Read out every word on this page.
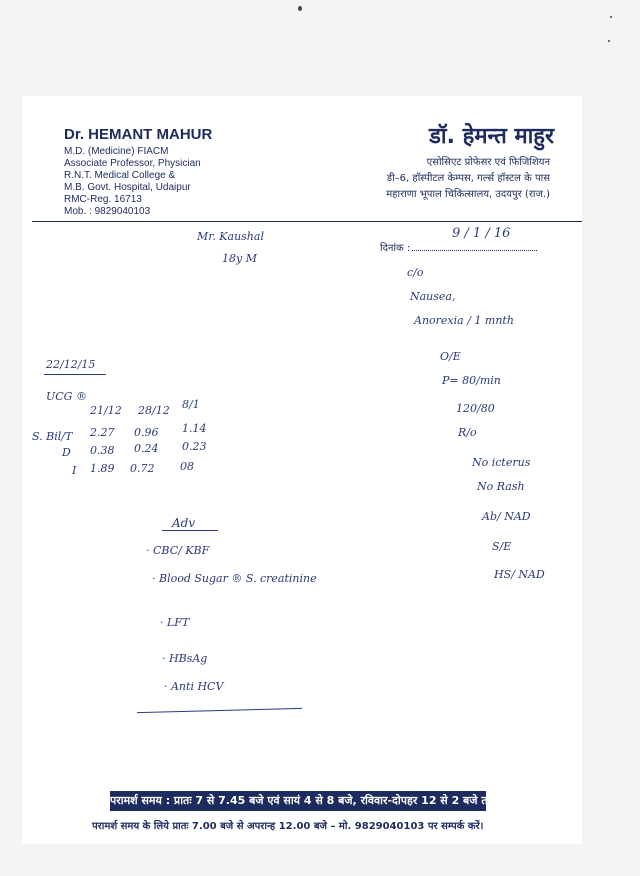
Dr. HEMANT MAHUR
M.D. (Medicine) FIACM
Associate Professor, Physician
R.N.T. Medical College &
M.B. Govt. Hospital, Udaipur
RMC-Reg. 16713
Mob. : 9829040103
डॉ. हेमन्त माहुर
एसोसिएट प्रोफेसर एवं फिजिशियन
डी–6, हॉस्पीटल केम्पस, गर्ल्स हॉस्टल के पास
महाराणा भूपाल चिकित्सालय, उदयपुर (राज.)
दिनांक :
9 / 1 / 16
Mr. Kaushal
18y M
c/o
Nausea,
Anorexia / 1 mnth
O/E
P= 80/min
120/80
R/o
No icterus
No Rash
Ab/ NAD
S/E
HS/ NAD
22/12/15
UCG ®
21/12 28/12 8/1
S. Bil/T 2.27 0.96 1.14
D 0.38 0.24 0.23
I 1.89 0.72 08
Adv
· CBC/ KBF
· Blood Sugar ® S. creatinine
· LFT
· HBsAg
· Anti HCV
परामर्श समय : प्रातः 7 से 7.45 बजे एवं सायं 4 से 8 बजे, रविवार-दोपहर 12 से 2 बजे तक
परामर्श समय के लिये प्रातः 7.00 बजे से अपरान्ह 12.00 बजे – मो. 9829040103 पर सम्पर्क करें।
